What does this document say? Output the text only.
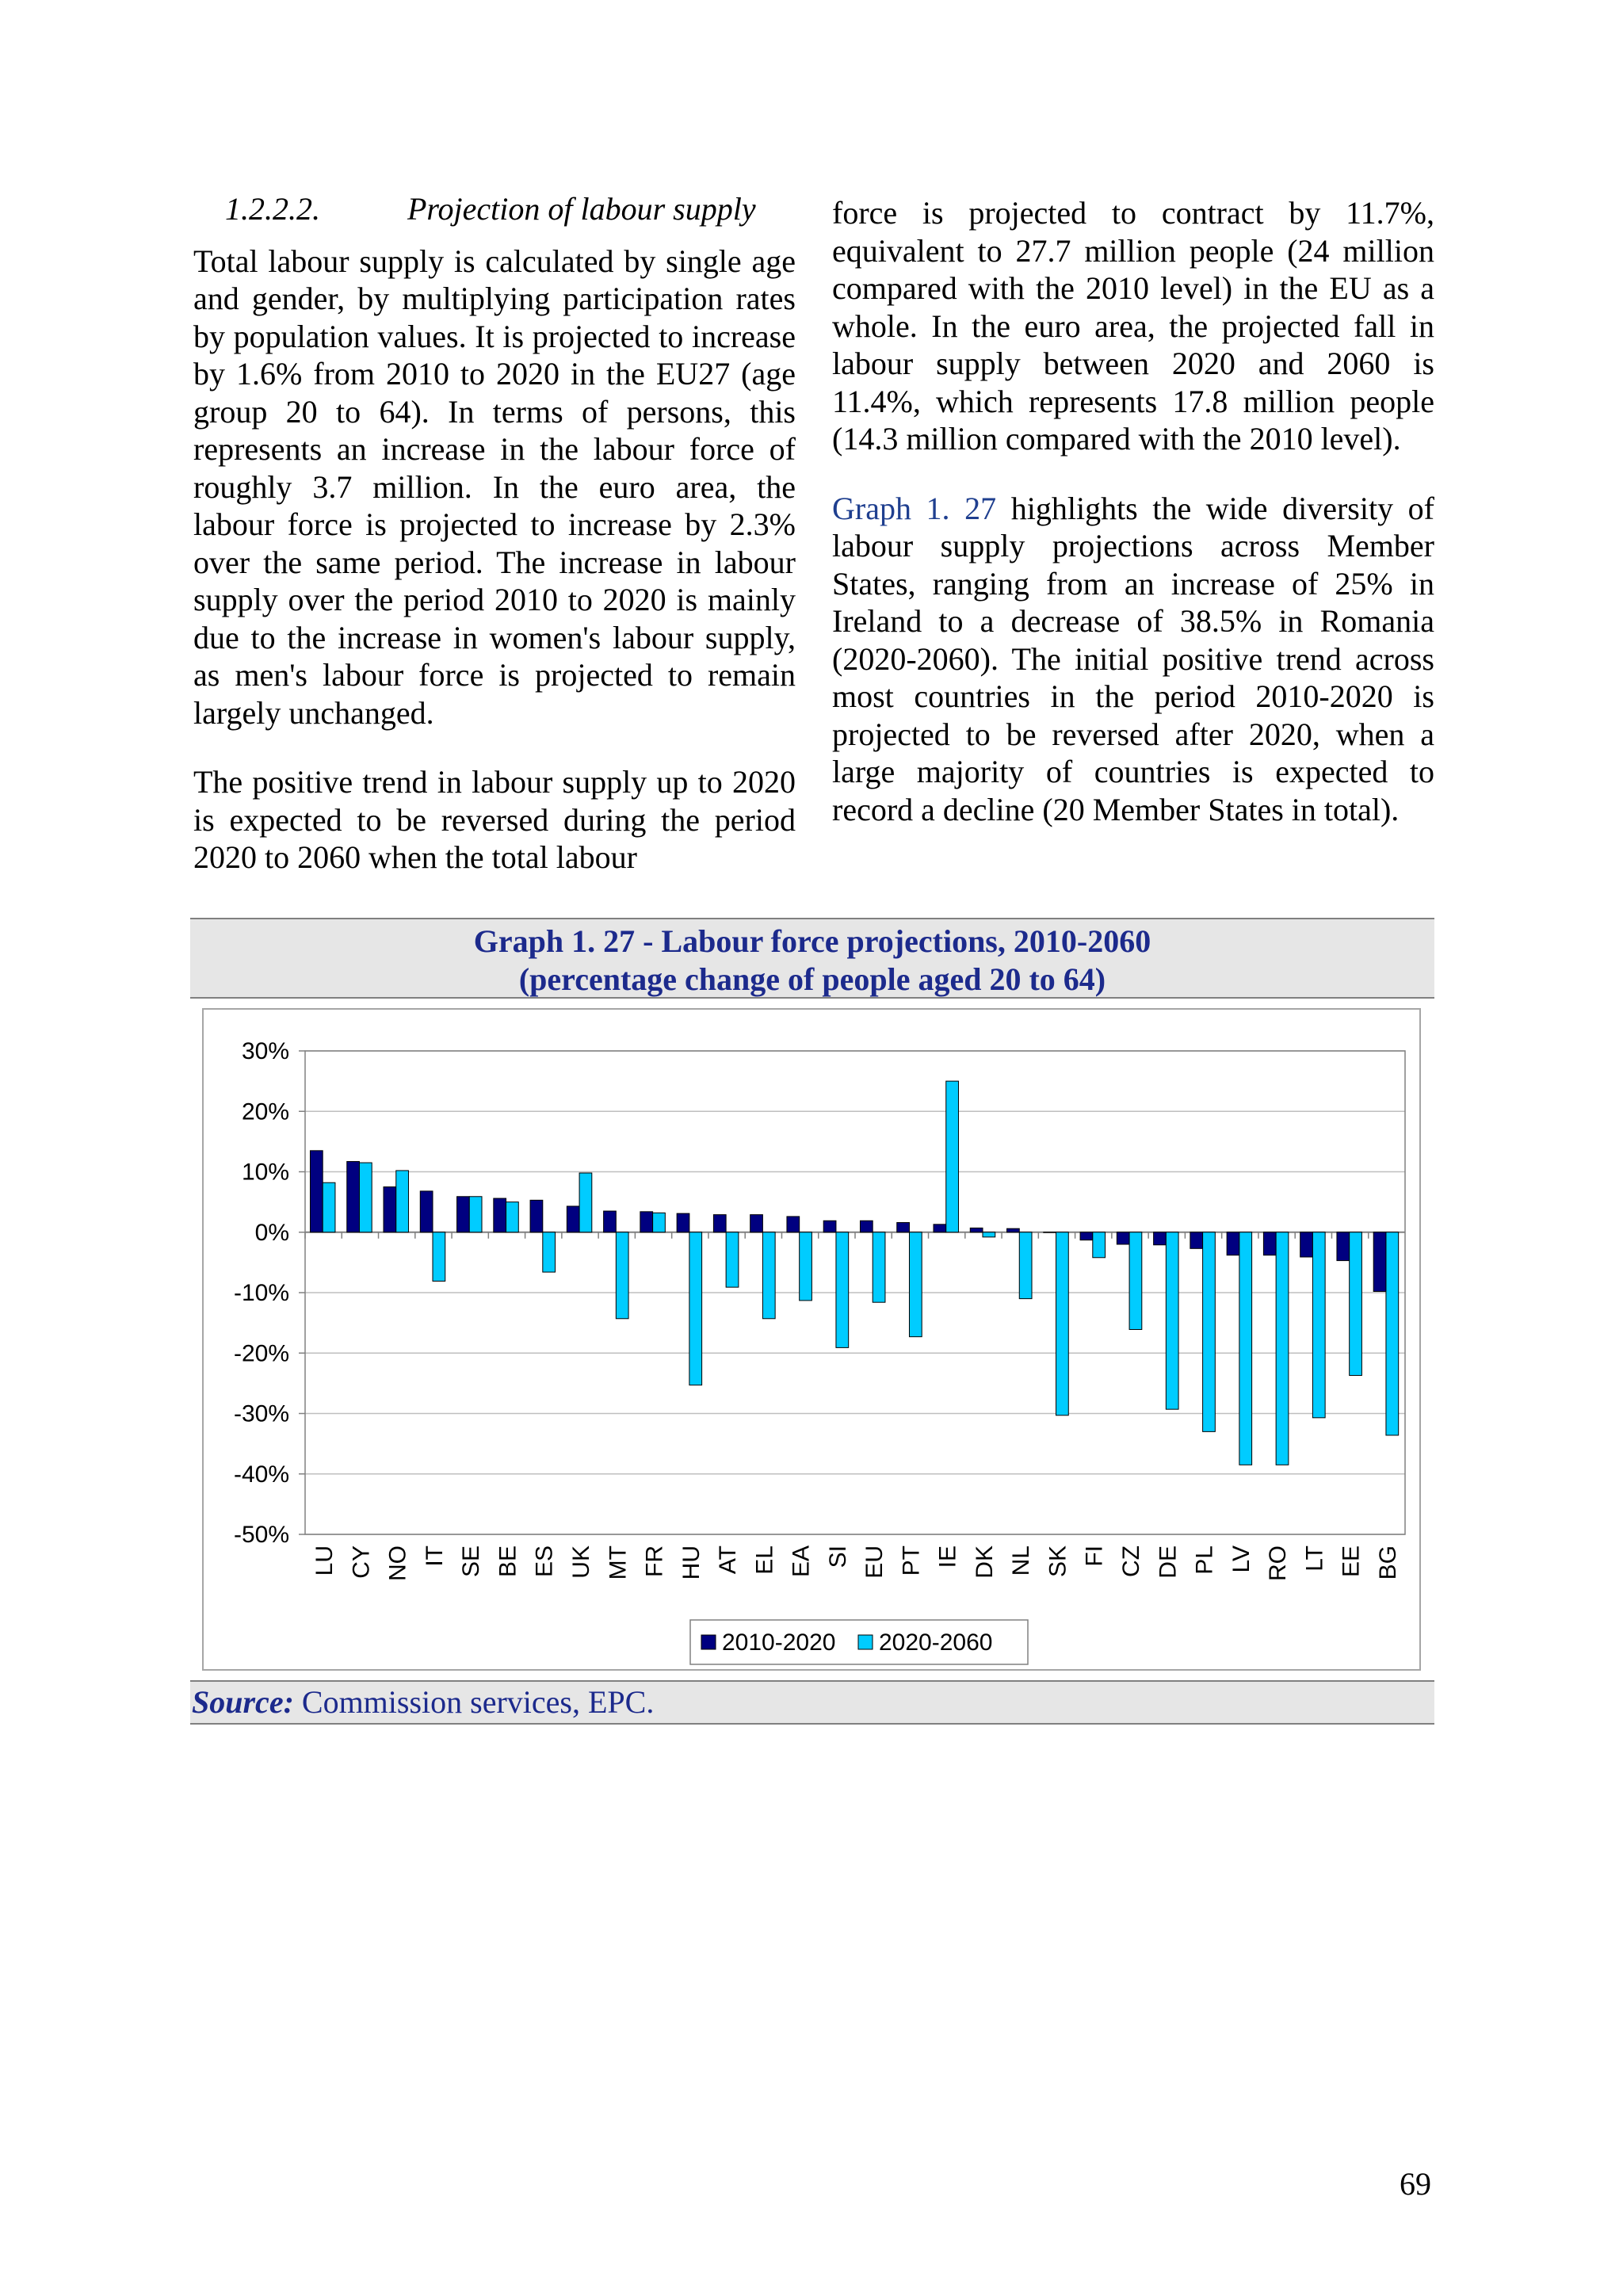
1.2.2.2.	Projection of labour supply

Total labour supply is calculated by single age and gender, by multiplying participation rates by population values. It is projected to increase by 1.6% from 2010 to 2020 in the EU27 (age group 20 to 64). In terms of persons, this represents an increase in the labour force of roughly 3.7 million. In the euro area, the labour force is projected to increase by 2.3% over the same period. The increase in labour supply over the period 2010 to 2020 is mainly due to the increase in women's labour supply, as men's labour force is projected to remain largely unchanged.

The positive trend in labour supply up to 2020 is expected to be reversed during the period 2020 to 2060 when the total labour

force is projected to contract by 11.7%, equivalent to 27.7 million people (24 million compared with the 2010 level) in the EU as a whole. In the euro area, the projected fall in labour supply between 2020 and 2060 is 11.4%, which represents 17.8 million people (14.3 million compared with the 2010 level).

Graph 1. 27 highlights the wide diversity of labour supply projections across Member States, ranging from an increase of 25% in Ireland to a decrease of 38.5% in Romania (2020-2060). The initial positive trend across most countries in the period 2010-2020 is projected to be reversed after 2020, when a large majority of countries is expected to record a decline (20 Member States in total).

Graph 1. 27 - Labour force projections, 2010-2060
(percentage change of people aged 20 to 64)
30%
20%
10%
0%
-10%
-20%
-30%
-40%
-50%
LU CY NO IT SE BE ES UK MT FR HU AT EL EA SI EU PT IE DK NL SK FI CZ DE PL LV RO LT EE BG
2010-2020 2020-2060
Source: Commission services, EPC.
69
